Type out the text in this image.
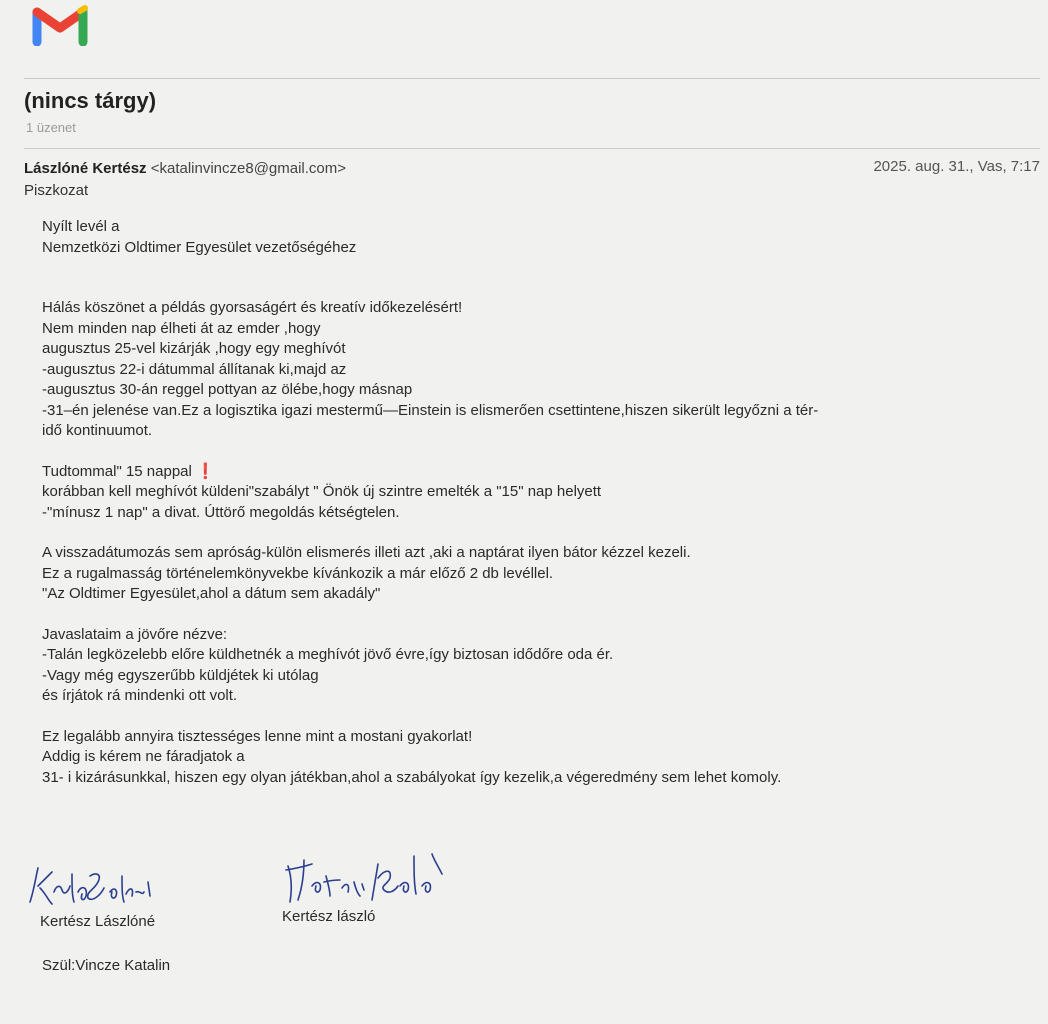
(nincs tárgy)
1 üzenet
Lászlóné Kertész <katalinvincze8@gmail.com>	2025. aug. 31., Vas, 7:17
Piszkozat
Nyílt levél a
Nemzetközi Oldtimer Egyesület vezetőségéhez
Hálás köszönet a példás gyorsaságért és kreatív időkezelésért!
Nem minden nap élheti át az emder ,hogy
augusztus 25-vel kizárják ,hogy egy meghívót
-augusztus 22-i dátummal állítanak ki,majd az
-augusztus 30-án reggel pottyan az ölébe,hogy másnap
-31–én jelenése van.Ez a logisztika igazi mestermű—Einstein is elismerően csettintene,hiszen sikerült legyőzni a tér-
idő kontinuumot.
Tudtommal" 15 nappal ❗
korábban kell meghívót küldeni"szabályt " Önök új szintre emelték a "15" nap helyett
-"mínusz 1 nap" a divat. Úttörő megoldás kétségtelen.
A visszadátumozás sem apróság-külön elismerés illeti azt ,aki a naptárat ilyen bátor kézzel kezeli.
Ez a rugalmasság történelemkönyvekbe kívánkozik a már előző 2 db levéllel.
"Az Oldtimer Egyesület,ahol a dátum sem akadály"
Javaslataim a jövőre nézve:
-Talán legközelebb előre küldhetnék a meghívót jövő évre,így biztosan idődőre oda ér.
-Vagy még egyszerűbb küldjétek ki utólag
és írjátok rá mindenki ott volt.
Ez legalább annyira tisztességes lenne mint a mostani gyakorlat!
Addig is kérem ne fáradjatok a
31- i kizárásunkkal, hiszen egy olyan játékban,ahol a szabályokat így kezelik,a végeredmény sem lehet komoly.
Kertész Lászlóné	Kertész lászló
Szül:Vincze Katalin
